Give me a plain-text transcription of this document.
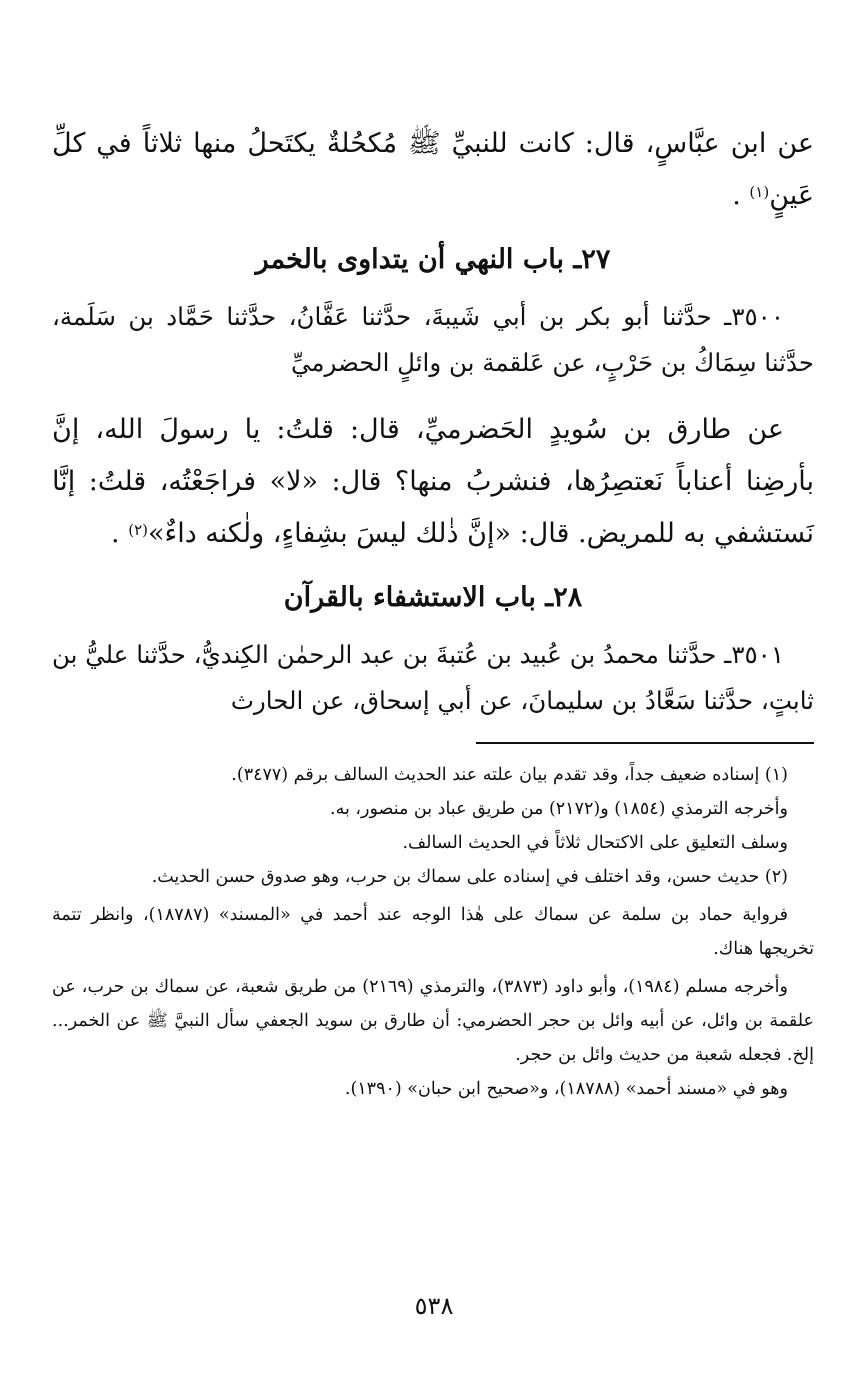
عن ابن عبَّاسٍ، قال: كانت للنبيِّ ﷺ مُكحُلةٌ يكتَحلُ منها ثلاثاً في كلِّ عَينٍ$^{(١)}$ .

٢٧ـ باب النهي أن يتداوى بالخمر

٣٥٠٠ـ حدَّثنا أبو بكر بن أبي شَيبةَ، حدَّثنا عَفَّانُ، حدَّثنا حَمَّاد بن سَلَمة، حدَّثنا سِمَاكُ بن حَرْبٍ، عن عَلقمة بن وائلٍ الحضرميِّ

عن طارق بن سُويدٍ الحَضرميِّ، قال: قلتُ: يا رسولَ الله، إنَّ بأرضِنا أعناباً نَعتصِرُها، فنشربُ منها؟ قال: «لا» فراجَعْتُه، قلتُ: إنَّا نَستشفي به للمريض. قال: «إنَّ ذٰلك ليسَ بشِفاءٍ، ولٰكنه داءٌ»$^{(٢)}$ .

٢٨ـ باب الاستشفاء بالقرآن

٣٥٠١ـ حدَّثنا محمدُ بن عُبيد بن عُتبةَ بن عبد الرحمٰن الكِنديُّ، حدَّثنا عليُّ بن ثابتٍ، حدَّثنا سَعَّادُ بن سليمانَ، عن أبي إسحاق، عن الحارث

(١) إسناده ضعيف جداً، وقد تقدم بيان علته عند الحديث السالف برقم (٣٤٧٧).

وأخرجه الترمذي (١٨٥٤) و(٢١٧٢) من طريق عباد بن منصور، به.

وسلف التعليق على الاكتحال ثلاثاً في الحديث السالف.

(٢) حديث حسن، وقد اختلف في إسناده على سماك بن حرب، وهو صدوق حسن الحديث.

فرواية حماد بن سلمة عن سماك على هٰذا الوجه عند أحمد في «المسند» (١٨٧٨٧)، وانظر تتمة تخريجها هناك.

وأخرجه مسلم (١٩٨٤)، وأبو داود (٣٨٧٣)، والترمذي (٢١٦٩) من طريق شعبة، عن سماك بن حرب، عن علقمة بن وائل، عن أبيه وائل بن حجر الحضرمي: أن طارق بن سويد الجعفي سأل النبيَّ ﷺ عن الخمر... إلخ. فجعله شعبة من حديث وائل بن حجر.

وهو في «مسند أحمد» (١٨٧٨٨)، و«صحيح ابن حبان» (١٣٩٠).

٥٣٨
